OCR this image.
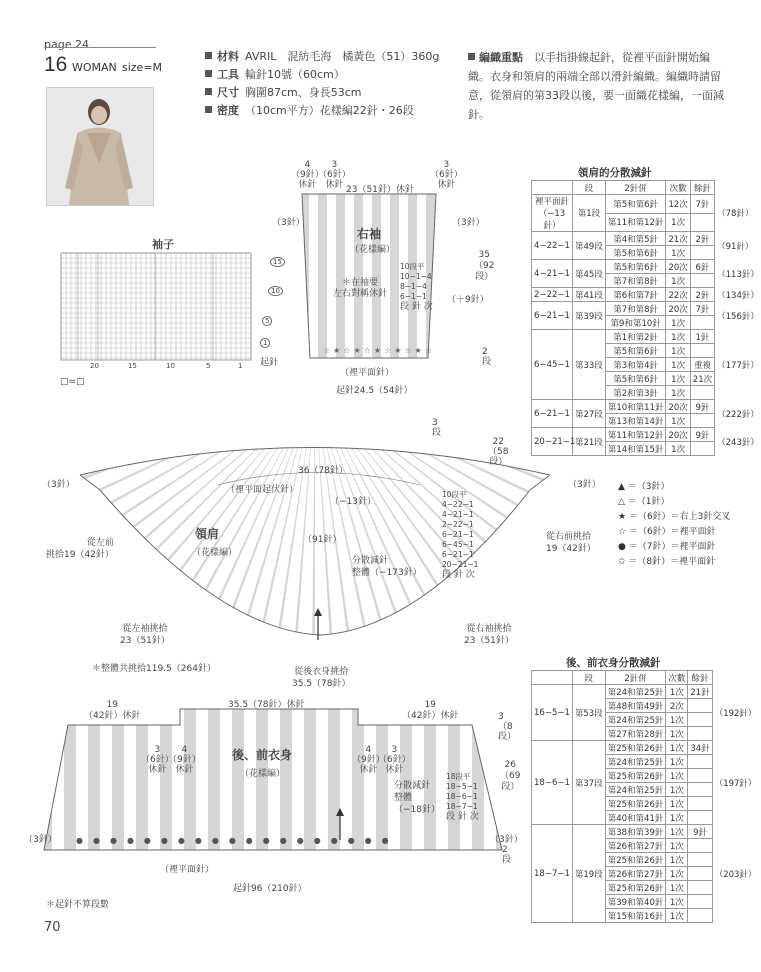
page 24
16 WOMAN size=M
材料 AVRIL　混紡毛海　橘黃色（51）360g
工具 輪針10號（60cm）
尺寸 胸圍87cm、身長53cm
密度 （10cm平方）花樣編22針・26段
編織重點　 以手指掛線起針，從裡平面針開始編織。衣身和領肩的兩端全部以滑針編織。編織時請留意，從領肩的第33段以後，要一面織花樣編，一面減針。
袖子
15
10
5
1
20	15	10	5	1 起針
□=□
右袖
（花樣編）
4
（9針）
休針
3
（6針）
休針
3
（6針）
休針
23（51針）休針
（3針）	（3針）
35
（92
段）
（＋9針）
＊在袖要
左右對稱休針
10段平
10−1−4
8−1−4
6−1−1
段 針 次
2
段
（裡平面針）
起針24.5（54針）
☆★☆★☆★☆★☆★☆
領肩
（花樣編）
（裡平面起伏針）
36（78針）
（−13針）
（91針）
分散減針
整體（−173針）
3
段
22
（58
段）
（3針）	（3針）
從左前
挑拾19（42針）
從右前挑拾
19（42針）
從左袖挑拾
23（51針）
從右袖挑拾
23（51針）
從後衣身挑拾
35.5（78針）
＊整體共挑拾119.5（264針）
10段平
4−22−1
4−21−1
2−22−1
6−21−1
6−45−1
6−21−1
20−21−1
段 針 次
領肩的分散減針
	段	2針併	次數	餘針	
裡平面針（−13針）	第1段	第5和第6針	12次	7針	（78針）
		第11和第12針	1次		
4−22−1	第49段	第4和第5針	21次	2針	（91針）
		第5和第6針	1次		
4−21−1	第45段	第5和第6針	20次	6針	（113針）
		第7和第8針	1次		
2−22−1	第41段	第6和第7針	22次	2針	（134針）
6−21−1	第39段	第7和第8針	20次	7針	（156針）
		第9和第10針	1次		
6−45−1	第33段	第1和第2針	1次	1針	（177針）
		第5和第6針	1次		
		第3和第4針	1次	重複	
		第5和第6針	1次	21次	
		第2和第3針	1次		
6−21−1	第27段	第10和第11針	20次	9針	（222針）
		第13和第14針	1次		
20−21−1	第21段	第11和第12針	20次	9針	（243針）
		第14和第15針	1次		
▲ ＝（3針）
△ ＝（1針）
★ ＝（6針）＝右上3針交叉
☆ ＝（6針）＝裡平面針
● ＝（7針）＝裡平面針
✩ ＝（8針）＝裡平面針
後、前衣身
（花樣編）
35.5（78針）休針
19
（42針）休針
19
（42針）休針
3
（6針）
休針
4
（9針）
休針
4
（9針）
休針
3
（6針）
休針
分散減針
整體
（−18針）
18段平
18−5−1
18−6−1
18−7−1
段 針 次
3
（8
段）
26
（69
段）
2
段
（3針）	（3針）
（裡平面針）
起針96（210針）
＊起針不算段數
●●●●●●●●●●●●●●●●●●●
後、前衣身分散減針
	段	2針併	次數	餘針	
16−5−1	第53段	第24和第25針	1次	21針	（192針）
		第48和第49針	2次		
		第24和第25針	1次		
		第27和第28針	1次		
18−6−1	第37段	第25和第26針	1次	34針	（197針）
		第24和第25針	1次		
		第25和第26針	1次		
		第24和第25針	1次		
		第25和第26針	1次		
		第40和第41針	1次		
18−7−1	第19段	第38和第39針	1次	9針	（203針）
		第26和第27針	1次		
		第25和第26針	1次		
		第26和第27針	1次		
		第25和第26針	1次		
		第39和第40針	1次		
		第15和第16針	1次		
70
